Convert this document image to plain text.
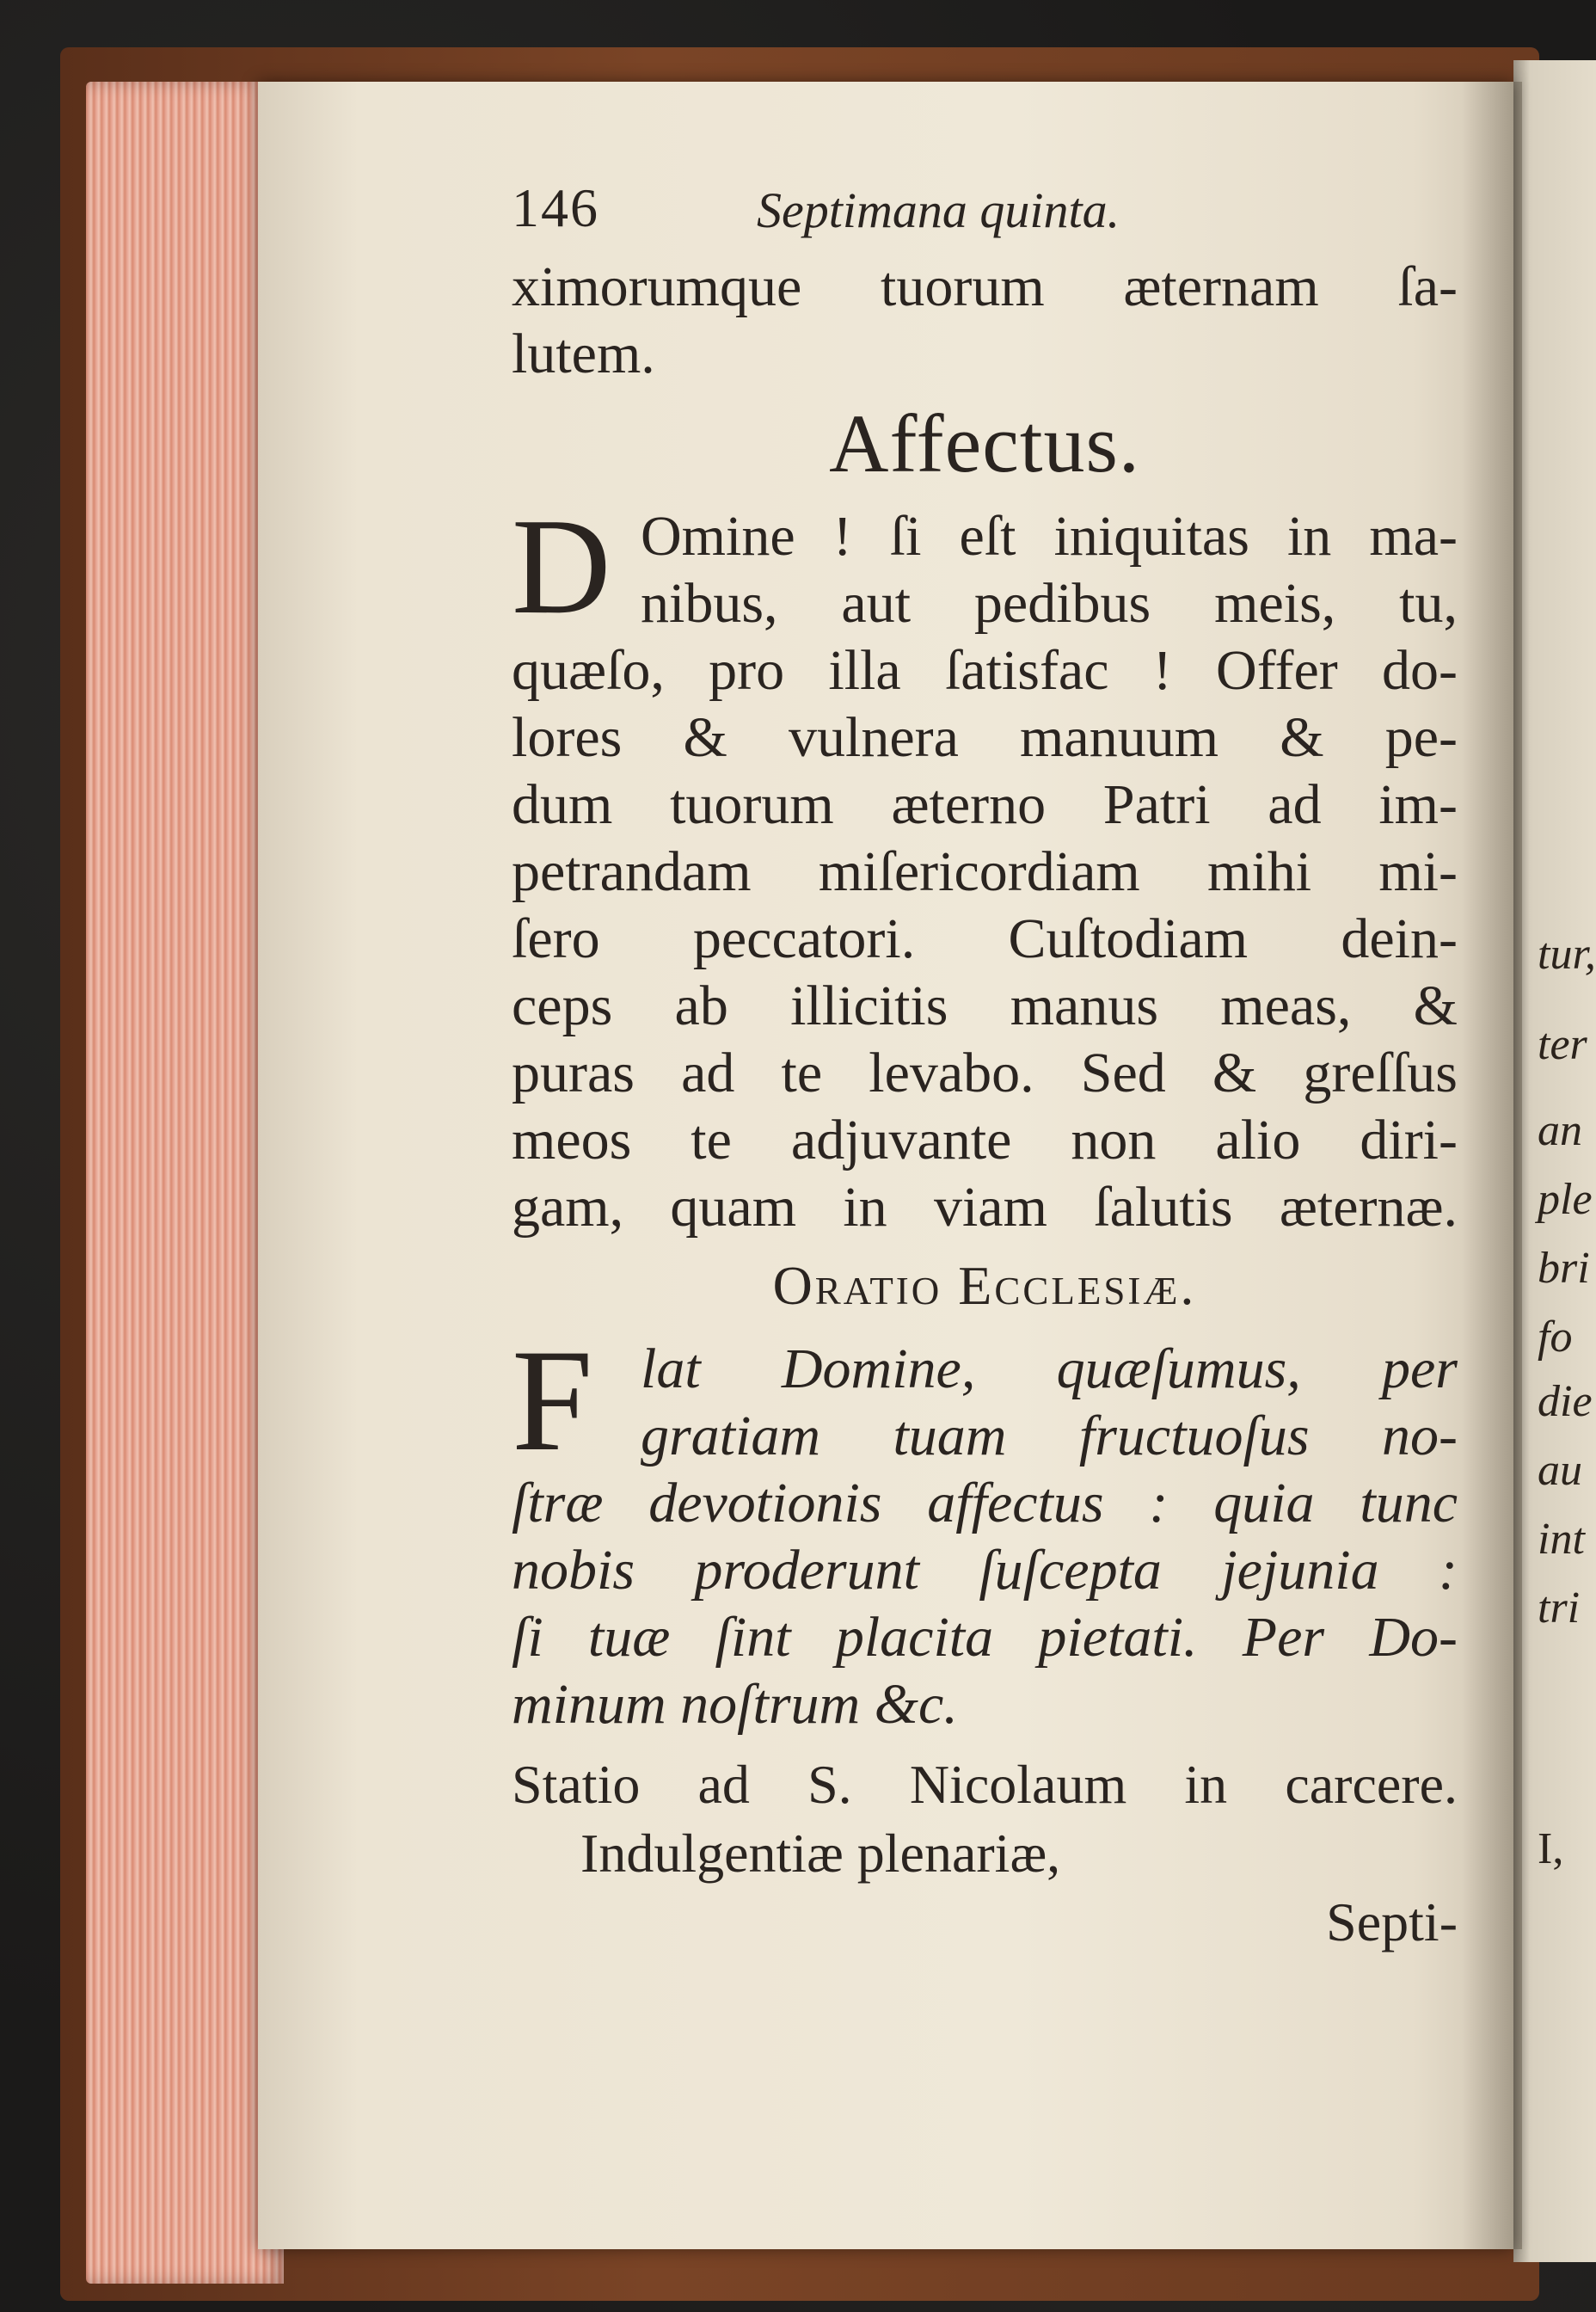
tur,
ter
an
ple
bri
fo
die
au
int
tri
I,
146	Septimana quinta.
ximorumque tuorum æternam ſa-
lutem.
Affectus.
D Omine ! ſi eſt iniquitas in ma-
nibus, aut pedibus meis, tu,
quæſo, pro illa ſatisfac ! Offer do-
lores & vulnera manuum & pe-
dum tuorum æterno Patri ad im-
petrandam miſericordiam mihi mi-
ſero peccatori. Cuſtodiam dein-
ceps ab illicitis manus meas, &
puras ad te levabo. Sed & greſſus
meos te adjuvante non alio diri-
gam, quam in viam ſalutis æternæ.
Oratio Ecclesiæ.
F lat Domine, quæſumus, per
gratiam tuam fructuoſus no-
ſtræ devotionis affectus : quia tunc
nobis proderunt ſuſcepta jejunia :
ſi tuæ ſint placita pietati. Per Do-
minum noſtrum &c.
Statio ad S. Nicolaum in carcere.
Indulgentiæ plenariæ,
Septi-
